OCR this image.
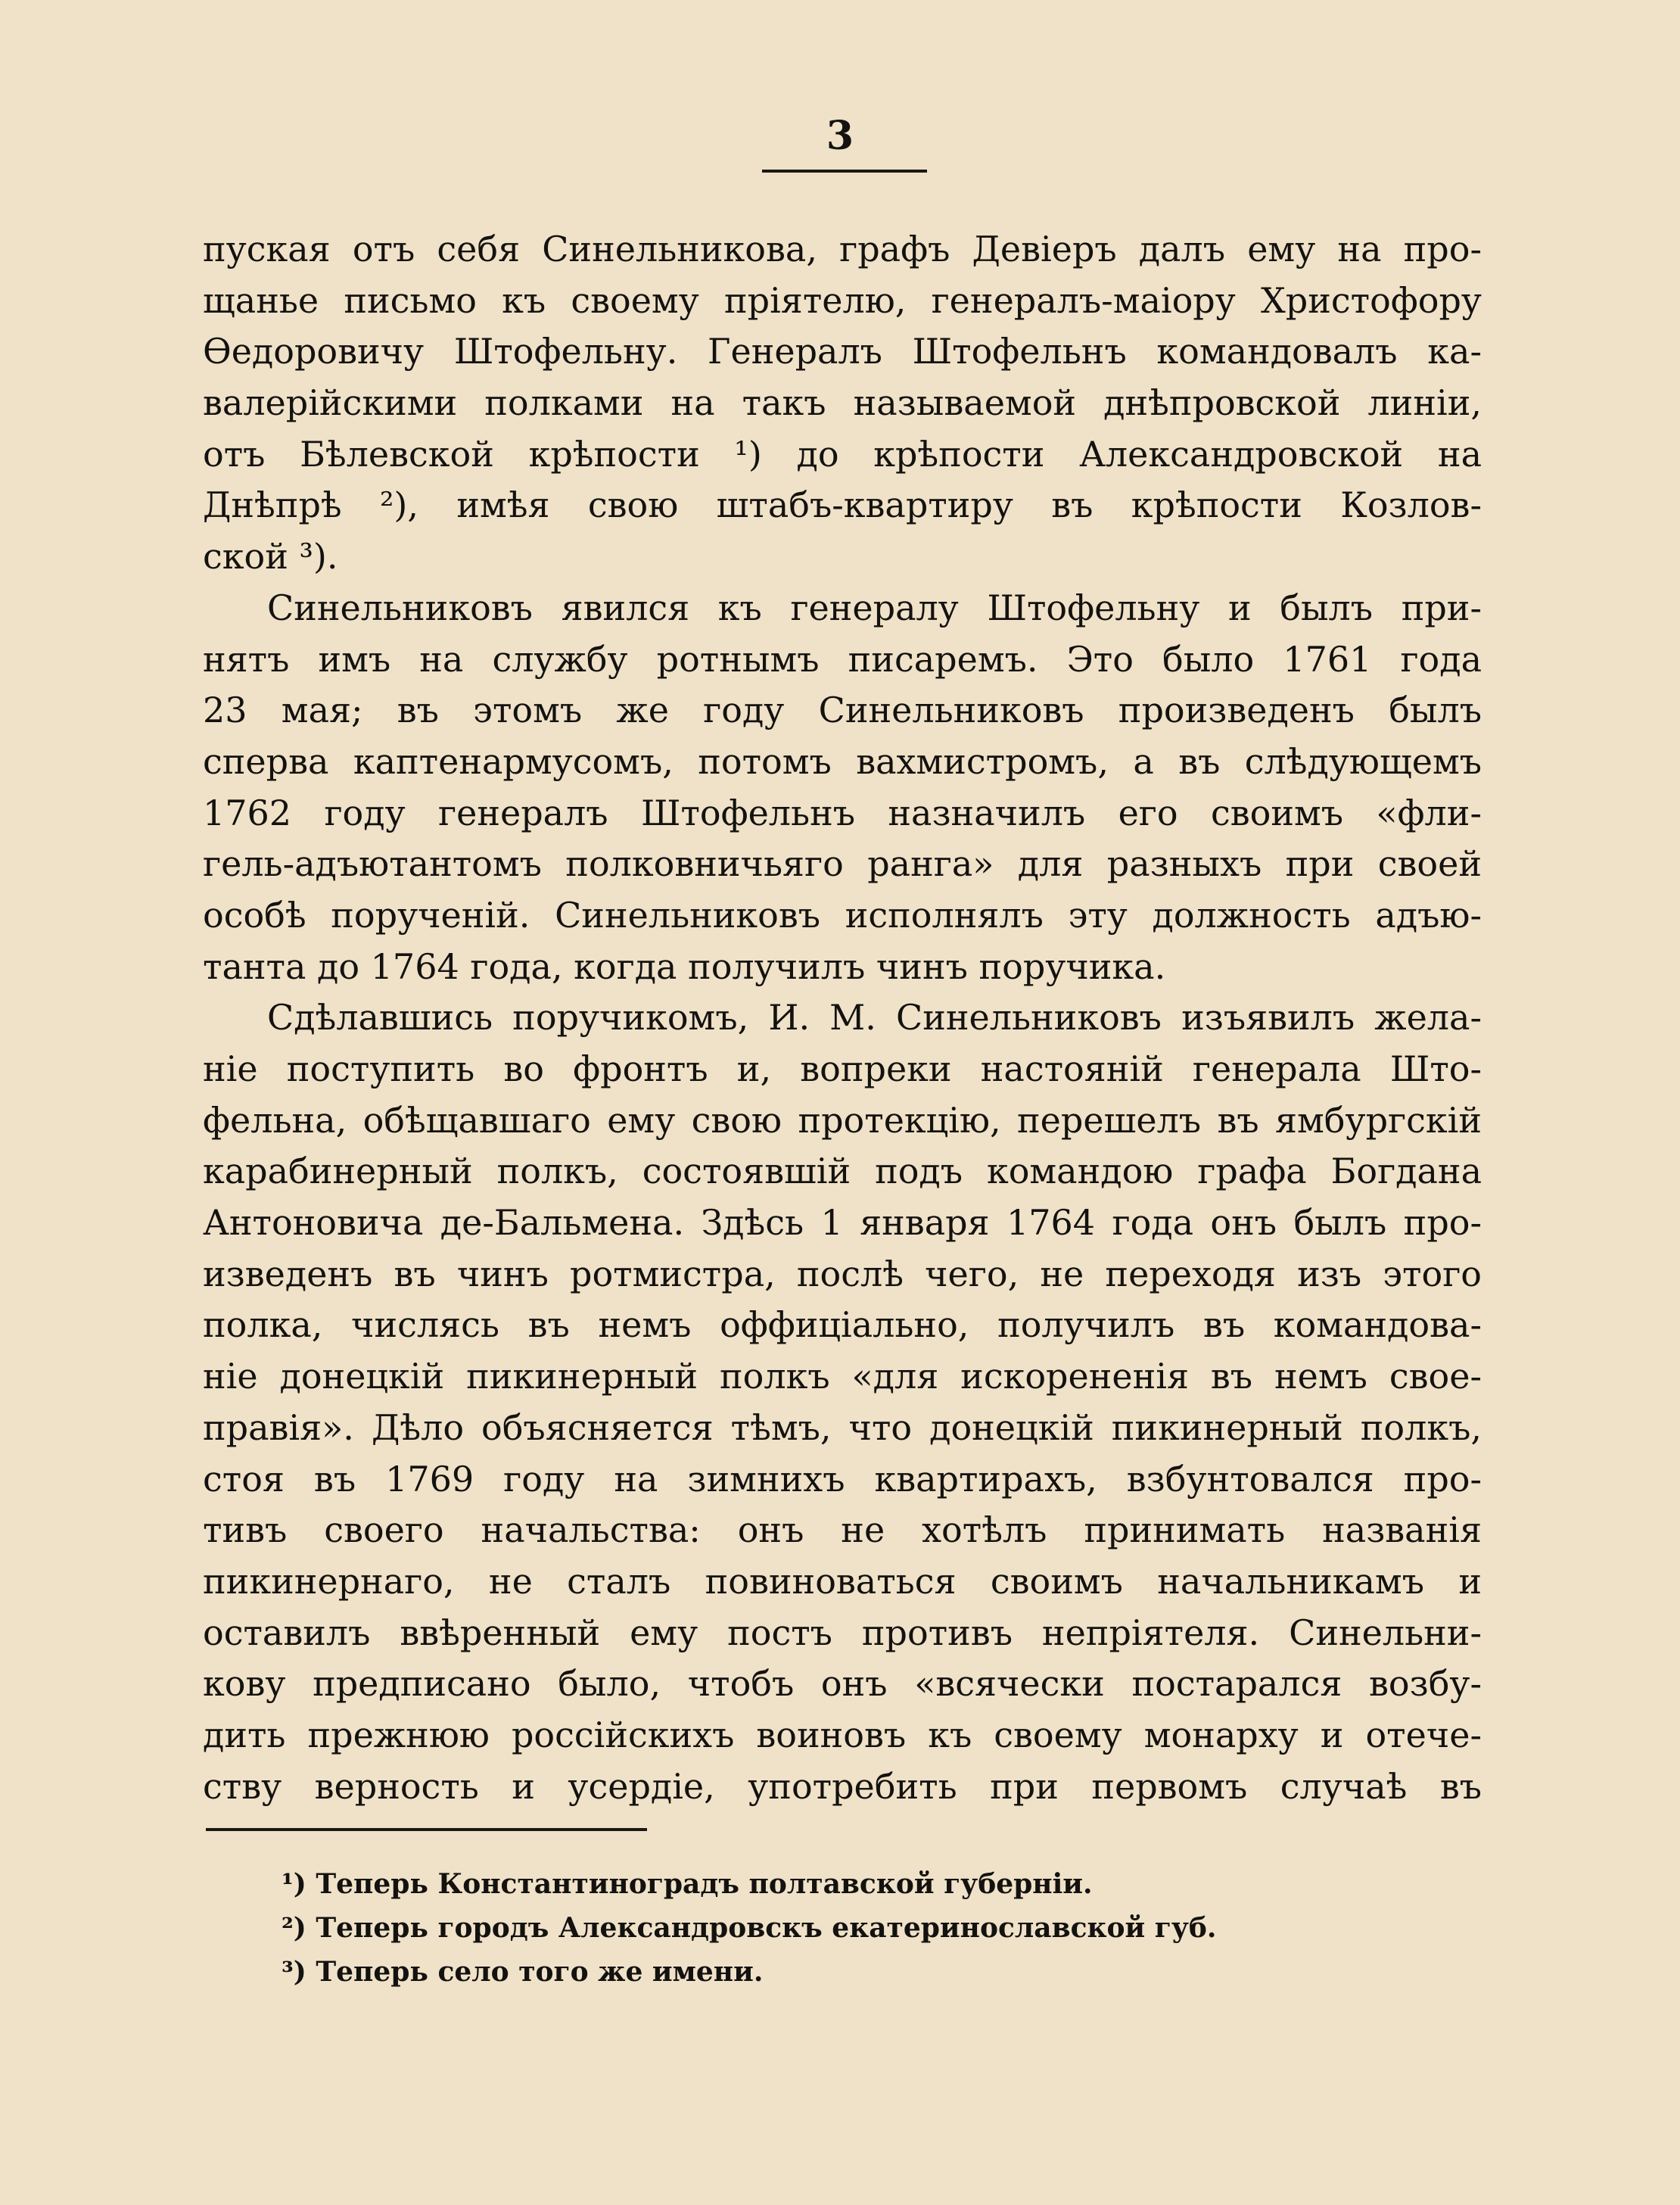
3
пуская отъ себя Синельникова, графъ Девіеръ далъ ему на про-
щанье письмо къ своему пріятелю, генералъ-маіору Христофору
Ѳедоровичу Штофельну. Генералъ Штофельнъ командовалъ ка-
валерійскими полками на такъ называемой днѣпровской линіи,
отъ Бѣлевской крѣпости ¹) до крѣпости Александровской на
Днѣпрѣ ²), имѣя свою штабъ-квартиру въ крѣпости Козлов-
ской ³).
Синельниковъ явился къ генералу Штофельну и былъ при-
нятъ имъ на службу ротнымъ писаремъ. Это было 1761 года
23 мая; въ этомъ же году Синельниковъ произведенъ былъ
сперва каптенармусомъ, потомъ вахмистромъ, а въ слѣдующемъ
1762 году генералъ Штофельнъ назначилъ его своимъ «фли-
гель-адъютантомъ полковничьяго ранга» для разныхъ при своей
особѣ порученій. Синельниковъ исполнялъ эту должность адъю-
танта до 1764 года, когда получилъ чинъ поручика.
Сдѣлавшись поручикомъ, И. М. Синельниковъ изъявилъ жела-
ніе поступить во фронтъ и, вопреки настояній генерала Што-
фельна, обѣщавшаго ему свою протекцію, перешелъ въ ямбургскій
карабинерный полкъ, состоявшій подъ командою графа Богдана
Антоновича де-Бальмена. Здѣсь 1 января 1764 года онъ былъ про-
изведенъ въ чинъ ротмистра, послѣ чего, не переходя изъ этого
полка, числясь въ немъ оффиціально, получилъ въ командова-
ніе донецкій пикинерный полкъ «для искорененія въ немъ свое-
правія». Дѣло объясняется тѣмъ, что донецкій пикинерный полкъ,
стоя въ 1769 году на зимнихъ квартирахъ, взбунтовался про-
тивъ своего начальства: онъ не хотѣлъ принимать названія
пикинернаго, не сталъ повиноваться своимъ начальникамъ и
оставилъ ввѣренный ему постъ противъ непріятеля. Синельни-
кову предписано было, чтобъ онъ «всячески постарался возбу-
дить прежнюю россійскихъ воиновъ къ своему монарху и отече-
ству верность и усердіе, употребить при первомъ случаѣ въ
¹) Теперь Константиноградъ полтавской губерніи.
²) Теперь городъ Александровскъ екатеринославской губ.
³) Теперь село того же имени.
